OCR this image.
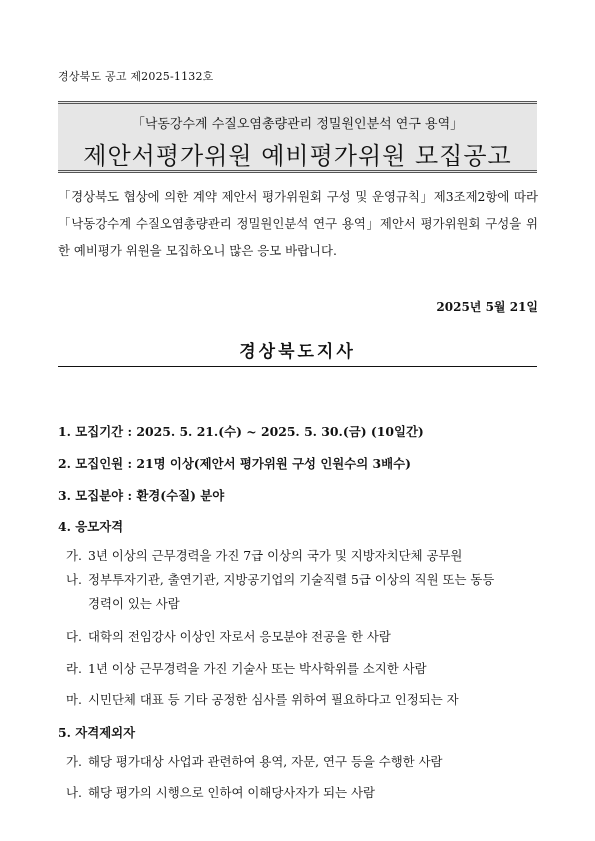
경상북도 공고 제2025-1132호
「낙동강수계 수질오염총량관리 정밀원인분석 연구 용역」
제안서평가위원 예비평가위원 모집공고
「경상북도 협상에 의한 계약 제안서 평가위원회 구성 및 운영규칙」제3조제2항에 따라 「낙동강수계 수질오염총량관리 정밀원인분석 연구 용역」제안서 평가위원회 구성을 위한 예비평가 위원을 모집하오니 많은 응모 바랍니다.
2025년 5월 21일
경상북도지사
1. 모집기간 : 2025. 5. 21.(수) ~ 2025. 5. 30.(금) (10일간)
2. 모집인원 : 21명 이상(제안서 평가위원 구성 인원수의 3배수)
3. 모집분야 : 환경(수질) 분야
4. 응모자격
가. 3년 이상의 근무경력을 가진 7급 이상의 국가 및 지방자치단체 공무원
나. 정부투자기관, 출연기관, 지방공기업의 기술직렬 5급 이상의 직원 또는 동등
경력이 있는 사람
다. 대학의 전임강사 이상인 자로서 응모분야 전공을 한 사람
라. 1년 이상 근무경력을 가진 기술사 또는 박사학위를 소지한 사람
마. 시민단체 대표 등 기타 공정한 심사를 위하여 필요하다고 인정되는 자
5. 자격제외자
가. 해당 평가대상 사업과 관련하여 용역, 자문, 연구 등을 수행한 사람
나. 해당 평가의 시행으로 인하여 이해당사자가 되는 사람
